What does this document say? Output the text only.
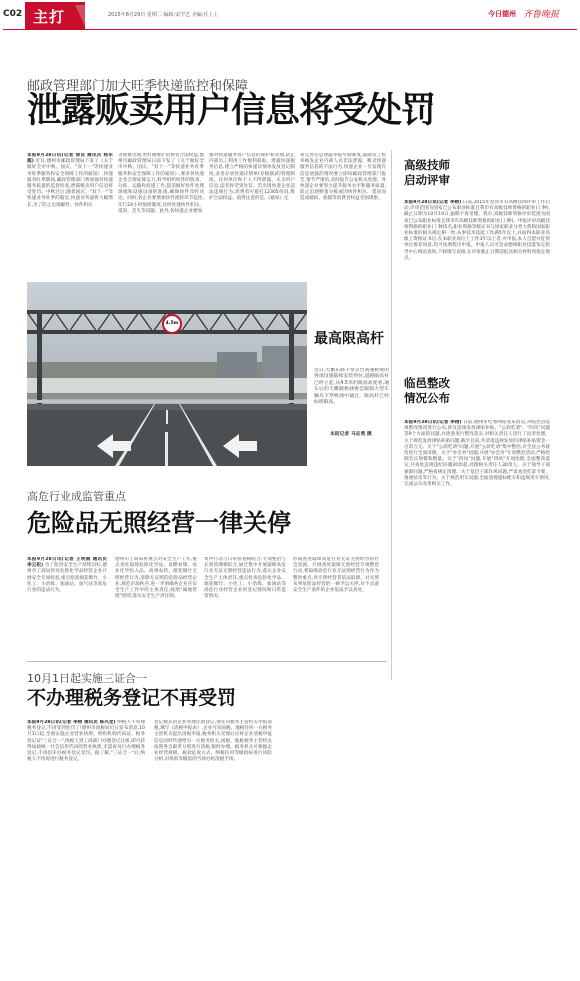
C02 主打	2015年8月29日 星期二 编辑:宋学艺 美编:任上上	今日德州 齐鲁晚报
邮政管理部门加大旺季快递监控和保障
泄露贩卖用户信息将受处罚
本报9月28日讯(记者 徐良 通讯员 杨永超) 近日,德州市邮政管理局下发了《关于做好全市中秋、国庆、"双十一"等快递业务旺季服务和安全保障工作的通知》,快递服务旺季期间,邮政管理部门将加强对快递服务质量的监督检查,泄露贩卖用户信息将受处罚。中秋过后,随着国庆、"双十一"等快递业务旺季的临近,快递业务量将大幅增长,为了防止出现邮件、快件积压
等现象出现,更好地维护消费者合法权益,德州市邮政管理局日前下发了《关于做好全市中秋、国庆、"双十一"等快递业务旺季服务和安全保障工作的通知》,要求各快递企业合理安排运力,科学组织快件的收寄、分拣、运输和投递工作,提前做好快件处理场地和设施设备的准备,确保快件及时送达。同时,各企业要增加快件流转环节监控,实行24小时值班制度,及时处理快件积压、延误、丢失等问题。此外,各快递企业要加
强对快递服务客户信息的保护和管理,防止内部员工利用工作便利获取、泄露快递服务信息,建立严格的快递详情单发放登记制度,妥善存放快递详情单(存根联)的管理制度。任何单位和个人不得泄露、买卖用户信息,违者将受到处罚。若出现快递企业违法违规行为,消费者可拨打12305投诉,维护合法权益。值得注意的是,《通知》还
将完善信息泄露举报奖励制度,鼓励员工检举揭发企业内部人员非法泄露、贩卖快递服务信息的不法行为,快递企业一旦发现有信息泄露的情况要立即向邮政管理部门报告,情节严重的,及时报告公安机关处理。各快递企业要努力提升服务水平和服务质量,防止出现野蛮分拣或因快件积压、延误而造成破损、损毁等消费者权益受损现象。
4.5m
最高限高杆
近日,天衢东路下穿京台高速桥梁的各项设施陆续安装到位,道路限高杆已经立起,从4.5米的限高高度看,通车后的天衢路桥涵将会限制大型车辆从下穿桥涵中通过。限高杆已经标明限高。
本报记者 马志勇 摄
高级技师
启动评审
本报9月28日讯(记者 李榕) 日前,2015年度我市有高级技师评审工作启动,评审范围为国家已公布职业标准且我市有高级技师资格的职业(工种),截止日期为10月19日,逾期不再受理。我市,高级技师资格评审范围为国家已公布职业标准且我市有高级技师资格的职业(工种)。申报评审高级技师资格的职业(工种)5名,职业资格等级证书与国家职业分类大典和国家职业标准的相关规定相一致,从事技术技能工作满5年以上,并取得本职业高级工资格证书后,在本职业岗位上工作3年以上者,可申报,本人自愿并征得单位推荐同意,均可按照程序申报。申报人员可登录德州职业技能鉴定指导中心网站查询,下载填写表格,在评审截止日期前报送相关材料到指定地点。
临邑整改
情况公布
本报9月28日讯(记者 李榕) 日前,德州市纪委网站发布消息,对临邑县巡视整改情况进行公布,涉及违规发放津贴补贴、"公款吃请"、"四风"问题等9个方面的问题,并逐条进行整改落实,对相关责任人进行了问责处理。关于规范发放津贴补贴问题,截至目前,共清退违规发放的津贴补贴资金一百余万元。关于"公款吃请"问题,开展"公款吃请"集中整治,对全县公务接待进行全面清理。关于"办会务"问题,开展"办会务"专项整治活动,严格控制会议规模和数量。关于"四风"问题,开展"四风"专项治理,全面整改落实,共查处违规违纪问题20余起,处理相关责任人30余人。关于领导干部兼职问题,严格按规定清理。关于基层干部作风问题,严肃查处吃拿卡要、推诿扯皮等行为。关于规范用车问题,全面清理超标配车和违规用车情况,完成公车改革相关工作。
高危行业成监管重点
危险品无照经营一律关停
本报9月28日讯(记者 王明娟 通讯员 李云松) 为了促进安全生产持续向好,德州市工商局将对危险化学品经营企业开展安全专项检查,重点检查烟花爆竹、小化工、小冶炼、加油站、加气站等高危行业的违法行为。
德州市工商局将重点对安全生产工作,重点查处取缔危险化学品、易燃易爆、农业化学投入品、高毒农药、烟花爆竹无照经营行为,清除无证照的危险品经营企业,规范市场秩序,进一步明确各企业在安全生产工作中的主体责任,按照"属地管理"原则,落实安全生产责任制。
集中行动与日常检查相结合,专项整治与长效管理相结合,通过集中开展取缔高危行业无证无照经营违法行为,落实企业安全生产主体责任,重点检查危险化学品、烟花爆竹、小化工、小冶炼、加油站等高危行业经营企业的登记情况和日常监管情况。
形成查处取缔高危行业无证无照经营的社会氛围。开展查处取缔无照经营专项整治行动,将取缔高危行业无证照经营行为作为整治重点,对无照经营者依法取缔。对无照从事危险品经营的一律予以关停,对不具备安全生产条件的企业依法予以查处。
10月1日起实施三证合一
不办理税务登记不再受罚
本报9月28日讯(记者 李榕 通讯员 陈兴龙) 纳税人不办理税务登记,不再受到处罚了!德州市国税局近日发布消息,10月1日起,全面实施企业营业执照、组织机构代码证、税务登记证"三证合一",纳税人到工商部门办理登记注册,即可获得加载统一社会信用代码的营业执照,无需再另行办理税务登记,不再因未办税务登记受罚。据了解,"三证合一"后,纳税人不用再进行税务登记。
登记模式的企业办理注销登记,须先向税务主管机关申报清税,填写《清税申报表》,企业可向国税、地税任何一方税务主管机关提出清税申报,税务机关受理后应将企业清税申报信息同时传递给另一方税务机关,国税、地税税务主管机关按照各自职责分别进行清税,限时办理。税务机关可根据企业经营规模、税款征收方式、纳税信用等级指标进行风险分析,对风险等级低的当场办结清税手续。
